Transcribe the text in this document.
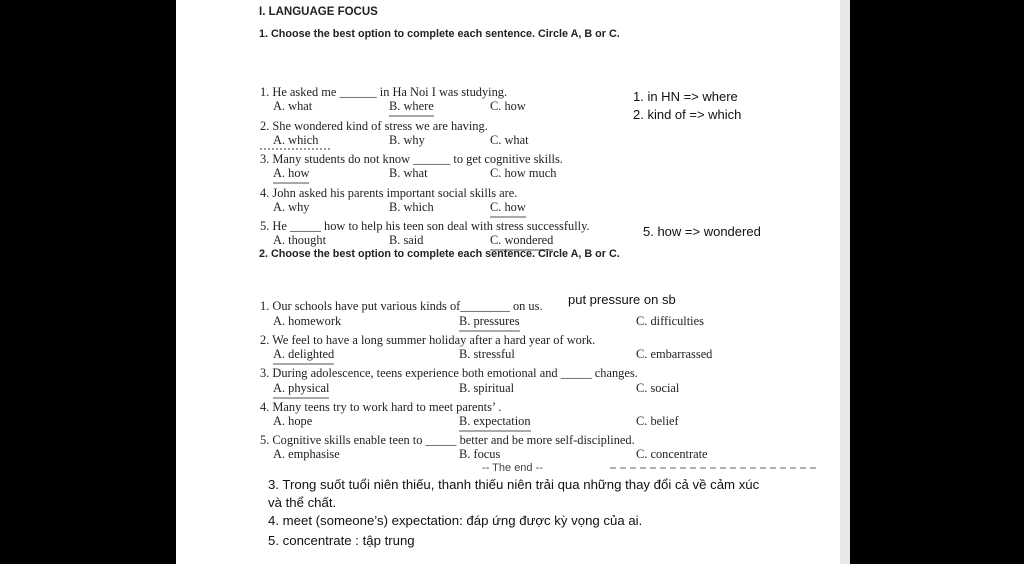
I. LANGUAGE FOCUS
1. Choose the best option to complete each sentence. Circle A, B or C.
1. He asked me ______ in Ha Noi I was studying.
A. what	B. where	C. how
2. She wondered kind of stress we are having.
A. which	B. why	C. what
3. Many students do not know ______ to get cognitive skills.
A. how	B. what	C. how much
4. John asked his parents important social skills are.
A. why	B. which	C. how
5. He _____ how to help his teen son deal with stress successfully.
A. thought	B. said	C. wondered
2. Choose the best option to complete each sentence. Circle A, B or C.
1. Our schools have put various kinds of________ on us.
A. homework	B. pressures	C. difficulties
2. We feel to have a long summer holiday after a hard year of work.
A. delighted	B. stressful	C. embarrassed
3. During adolescence, teens experience both emotional and _____ changes.
A. physical	B. spiritual	C. social
4. Many teens try to work hard to meet parents’ .
A. hope	B. expectation	C. belief
5. Cognitive skills enable teen to _____ better and be more self-disciplined.
A. emphasise	B. focus	C. concentrate
-- The end --
1. in HN => where
2. kind of => which
5. how => wondered
put pressure on sb
3. Trong suốt tuổi niên thiếu, thanh thiếu niên trải qua những thay đổi cả về cảm xúc
và thể chất.
4. meet (someone’s) expectation: đáp ứng được kỳ vọng của ai.
5. concentrate : tập trung
